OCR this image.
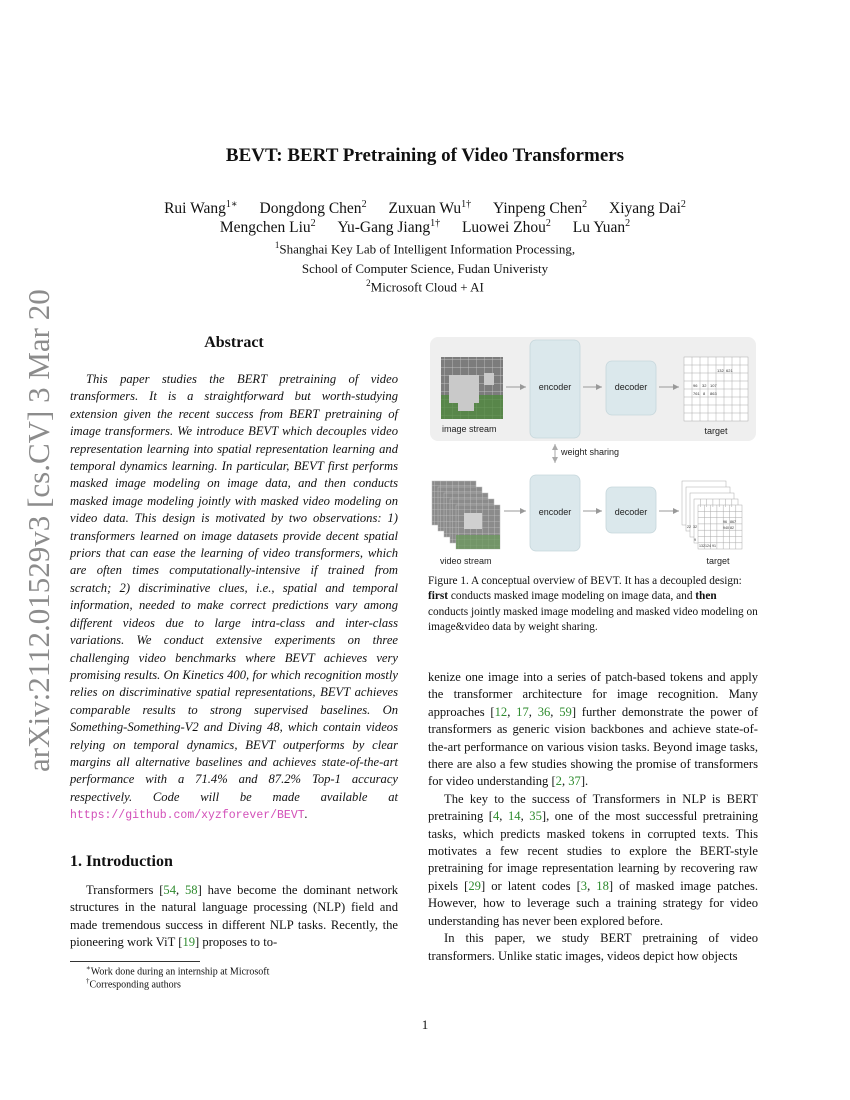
arXiv:2112.01529v3 [cs.CV] 3 Mar 2022
BEVT: BERT Pretraining of Video Transformers
Rui Wang$^{1∗}$ Dongdong Chen$^2$ Zuxuan $Wu^{1\dagger}$ Yinpeng Chen$^2$ Xiyang Dai$^2$
Mengchen Liu$^2$ Yu-Gang Jiang$^{1\dagger}$ Luowei Zhou$^2$ Lu Yuan$^2$
$^1$Shanghai Key Lab of Intelligent Information Processing,
School of Computer Science, Fudan Univeristy
$^2$Microsoft Cloud + AI
Abstract
This paper studies the BERT pretraining of video transformers. It is a straightforward but worth-studying extension given the recent success from BERT pretraining of image transformers. We introduce BEVT which decouples video representation learning into spatial representation learning and temporal dynamics learning. In particular, BEVT first performs masked image modeling on image data, and then conducts masked image modeling jointly with masked video modeling on video data. This design is motivated by two observations: 1) transformers learned on image datasets provide decent spatial priors that can ease the learning of video transformers, which are often times computationally-intensive if trained from scratch; 2) discriminative clues, i.e., spatial and temporal information, needed to make correct predictions vary among different videos due to large intra-class and inter-class variations. We conduct extensive experiments on three challenging video benchmarks where BEVT achieves very promising results. On Kinetics 400, for which recognition mostly relies on discriminative spatial representations, BEVT achieves comparable results to strong supervised baselines. On Something-Something-V2 and Diving 48, which contain videos relying on temporal dynamics, BEVT outperforms by clear margins all alternative baselines and achieves state-of-the-art performance with a 71.4% and 87.2% Top-1 accuracy respectively. Code will be made available at https://github.com/xyzforever/BEVT.
1. Introduction
Transformers [54, 58] have become the dominant network structures in the natural language processing (NLP) field and made tremendous success in different NLP tasks. Recently, the pioneering work ViT [19] proposes to to-
∗Work done during an internship at Microsoft
†Corresponding authors
image stream
encoder	decoder
132 621
96 32 107
761 8 863
target
weight sharing
video stream
encoder	decoder
96 867
940 82
22 32
132 124 91
9
target
Figure 1. A conceptual overview of BEVT. It has a decoupled design: first conducts masked image modeling on image data, and then conducts jointly masked image modeling and masked video modeling on image&video data by weight sharing.

kenize one image into a series of patch-based tokens and apply the transformer architecture for image recognition. Many approaches [12, 17, 36, 59] further demonstrate the power of transformers as generic vision backbones and achieve state-of-the-art performance on various vision tasks. Beyond image tasks, there are also a few studies showing the promise of transformers for video understanding [2, 37].

The key to the success of Transformers in NLP is BERT pretraining [4, 14, 35], one of the most successful pretraining tasks, which predicts masked tokens in corrupted texts. This motivates a few recent studies to explore the BERT-style pretraining for image representation learning by recovering raw pixels [29] or latent codes [3, 18] of masked image patches. However, how to leverage such a training strategy for video understanding has never been explored before.

In this paper, we study BERT pretraining of video transformers. Unlike static images, videos depict how objects

1
